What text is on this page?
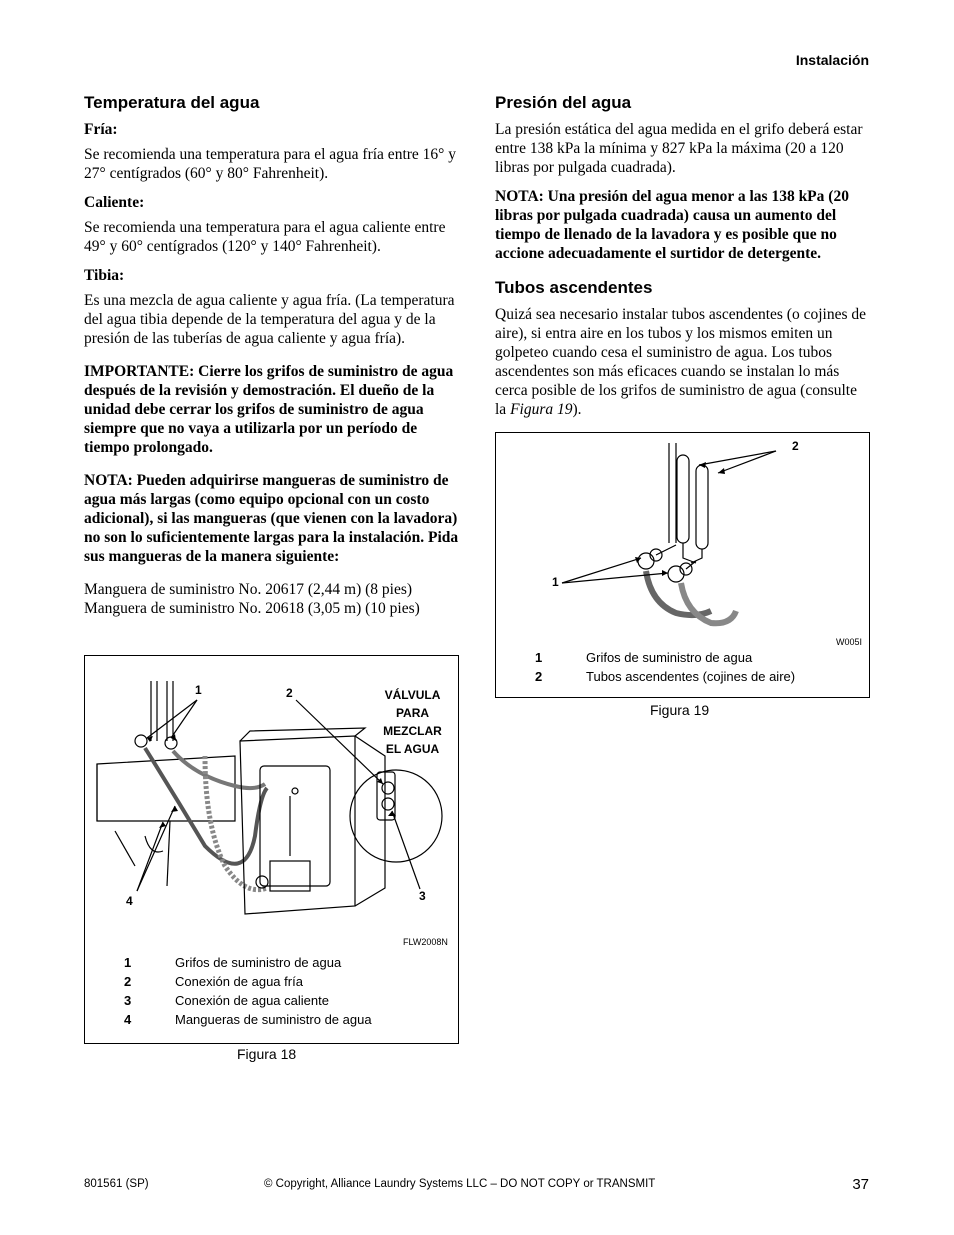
Instalación
Temperatura del agua
Fría:

Se recomienda una temperatura para el agua fría entre 16° y 27° centígrados (60° y 80° Fahrenheit).

Caliente:

Se recomienda una temperatura para el agua caliente entre 49° y 60° centígrados (120° y 140° Fahrenheit).

Tibia:

Es una mezcla de agua caliente y agua fría. (La temperatura del agua tibia depende de la temperatura del agua y de la presión de las tuberías de agua caliente y agua fría).

IMPORTANTE: Cierre los grifos de suministro de agua después de la revisión y demostración. El dueño de la unidad debe cerrar los grifos de suministro de agua siempre que no vaya a utilizarla por un período de tiempo prolongado.

NOTA: Pueden adquirirse mangueras de suministro de agua más largas (como equipo opcional con un costo adicional), si las mangueras (que vienen con la lavadora) no son lo suficientemente largas para la instalación. Pida sus mangueras de la manera siguiente:

Manguera de suministro No. 20617 (2,44 m) (8 pies)
Manguera de suministro No. 20618 (3,05 m) (10 pies)

Presión del agua

La presión estática del agua medida en el grifo deberá estar entre 138 kPa la mínima y 827 kPa la máxima (20 a 120 libras por pulgada cuadrada).

NOTA: Una presión del agua menor a las 138 kPa (20 libras por pulgada cuadrada) causa un aumento del tiempo de llenado de la lavadora y es posible que no accione adecuadamente el surtidor de detergente.

Tubos ascendentes

Quizá sea necesario instalar tubos ascendentes (o cojines de aire), si entra aire en los tubos y los mismos emiten un golpeteo cuando cesa el suministro de agua. Los tubos ascendentes son más eficaces cuando se instalan lo más cerca posible de los grifos de suministro de agua (consulte la Figura 19).

1	2
3
4
VÁLVULA
PARA
MEZCLAR
EL AGUA
FLW2008N
1	Grifos de suministro de agua
2	Conexión de agua fría
3	Conexión de agua caliente
4	Mangueras de suministro de agua
Figura 18
2
1
W005I
1	Grifos de suministro de agua
2	Tubos ascendentes (cojines de aire)
Figura 19
801561 (SP)	© Copyright, Alliance Laundry Systems LLC – DO NOT COPY or TRANSMIT	37
